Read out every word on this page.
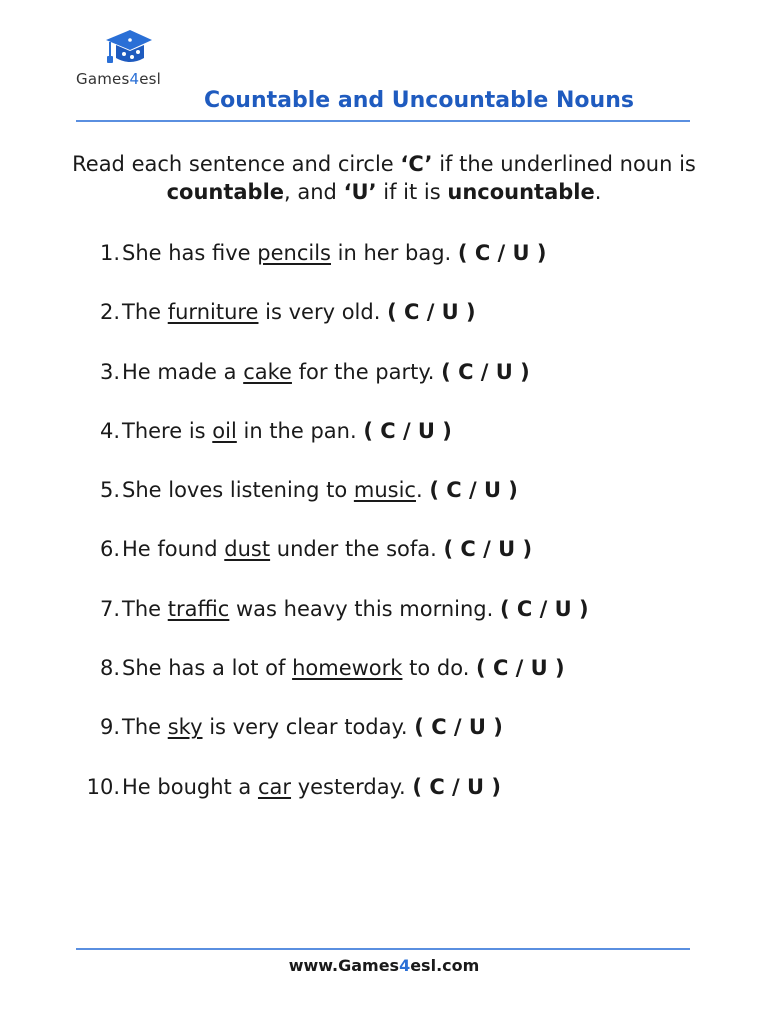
Games4esl
Countable and Uncountable Nouns
Read each sentence and circle ‘C’ if the underlined noun is countable, and ‘U’ if it is uncountable.
1.She has five pencils in her bag. ( C / U )
2.The furniture is very old. ( C / U )
3.He made a cake for the party. ( C / U )
4.There is oil in the pan. ( C / U )
5.She loves listening to music. ( C / U )
6.He found dust under the sofa. ( C / U )
7.The traffic was heavy this morning. ( C / U )
8.She has a lot of homework to do. ( C / U )
9.The sky is very clear today. ( C / U )
10.He bought a car yesterday. ( C / U )
www.Games4esl.com
